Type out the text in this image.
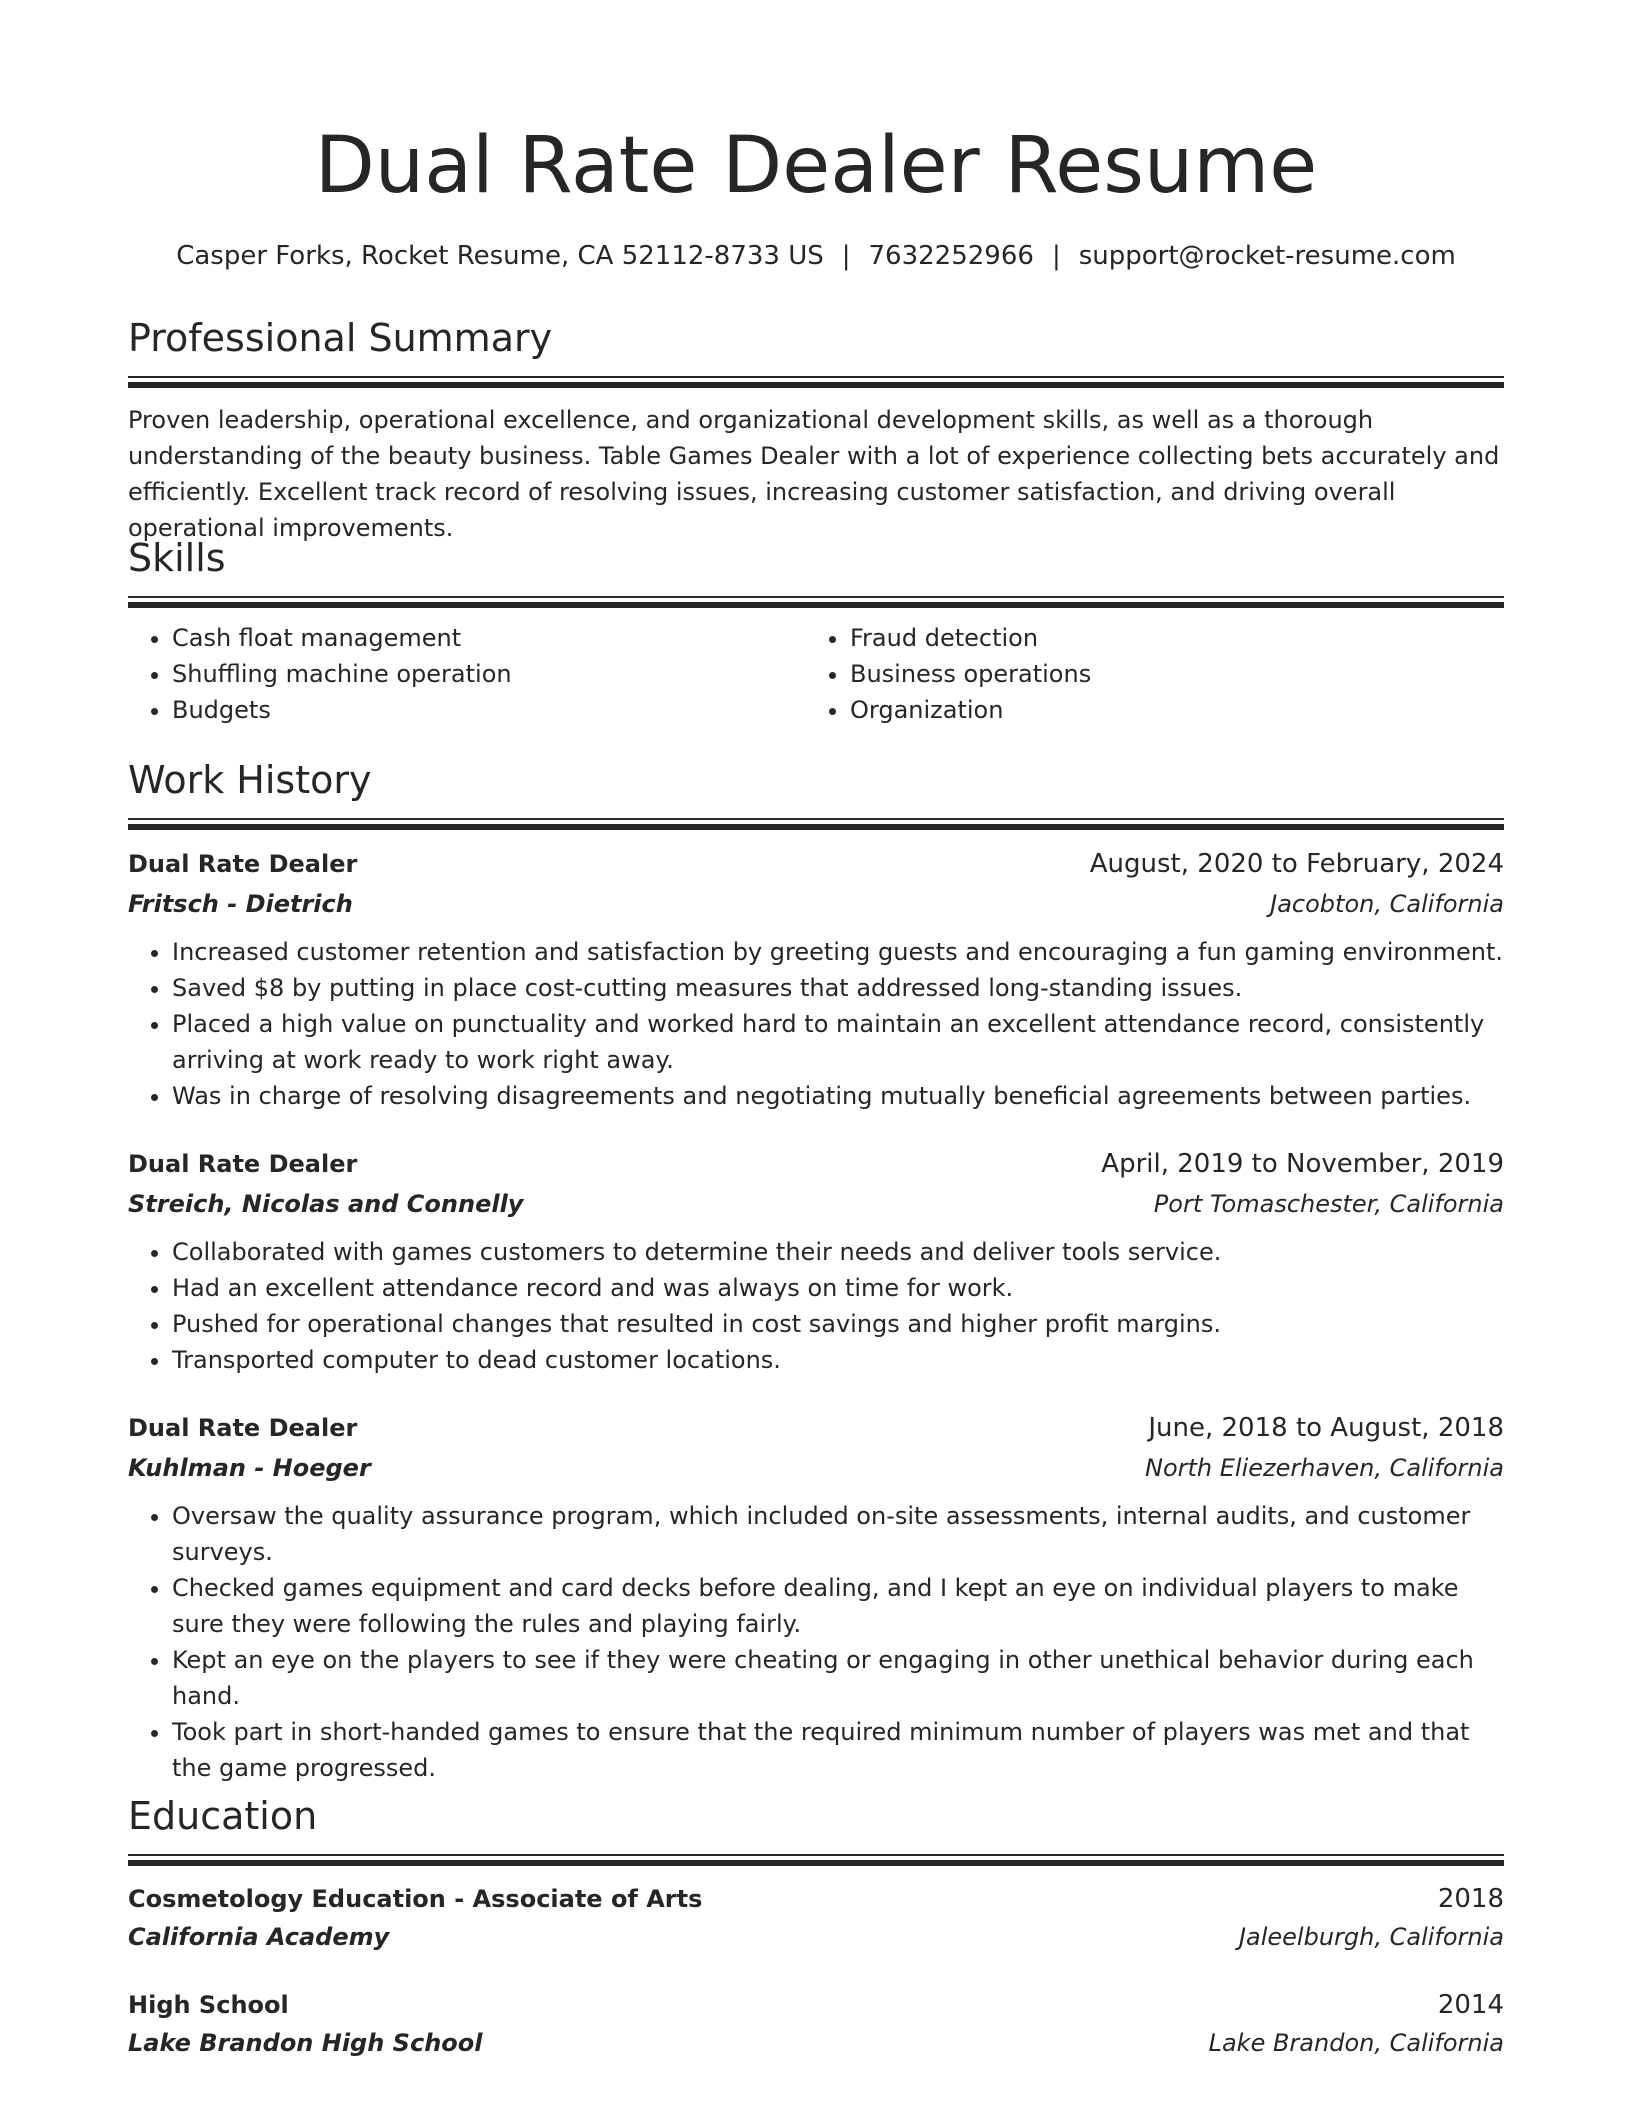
Dual Rate Dealer Resume
Casper Forks, Rocket Resume, CA 52112-8733 US | 7632252966 | support@rocket-resume.com
Professional Summary
Proven leadership, operational excellence, and organizational development skills, as well as a thorough understanding of the beauty business. Table Games Dealer with a lot of experience collecting bets accurately and efficiently. Excellent track record of resolving issues, increasing customer satisfaction, and driving overall operational improvements.
Skills
• Cash float management
• Shuffling machine operation
• Budgets
• Fraud detection
• Business operations
• Organization
Work History
Dual Rate Dealer	August, 2020 to February, 2024
Fritsch - Dietrich	Jacobton, California
• Increased customer retention and satisfaction by greeting guests and encouraging a fun gaming environment.
• Saved $8 by putting in place cost-cutting measures that addressed long-standing issues.
• Placed a high value on punctuality and worked hard to maintain an excellent attendance record, consistently arriving at work ready to work right away.
• Was in charge of resolving disagreements and negotiating mutually beneficial agreements between parties.
Dual Rate Dealer	April, 2019 to November, 2019
Streich, Nicolas and Connelly	Port Tomaschester, California
• Collaborated with games customers to determine their needs and deliver tools service.
• Had an excellent attendance record and was always on time for work.
• Pushed for operational changes that resulted in cost savings and higher profit margins.
• Transported computer to dead customer locations.
Dual Rate Dealer	June, 2018 to August, 2018
Kuhlman - Hoeger	North Eliezerhaven, California
• Oversaw the quality assurance program, which included on-site assessments, internal audits, and customer surveys.
• Checked games equipment and card decks before dealing, and I kept an eye on individual players to make sure they were following the rules and playing fairly.
• Kept an eye on the players to see if they were cheating or engaging in other unethical behavior during each hand.
• Took part in short-handed games to ensure that the required minimum number of players was met and that the game progressed.
Education
Cosmetology Education - Associate of Arts	2018
California Academy	Jaleelburgh, California
High School	2014
Lake Brandon High School	Lake Brandon, California
